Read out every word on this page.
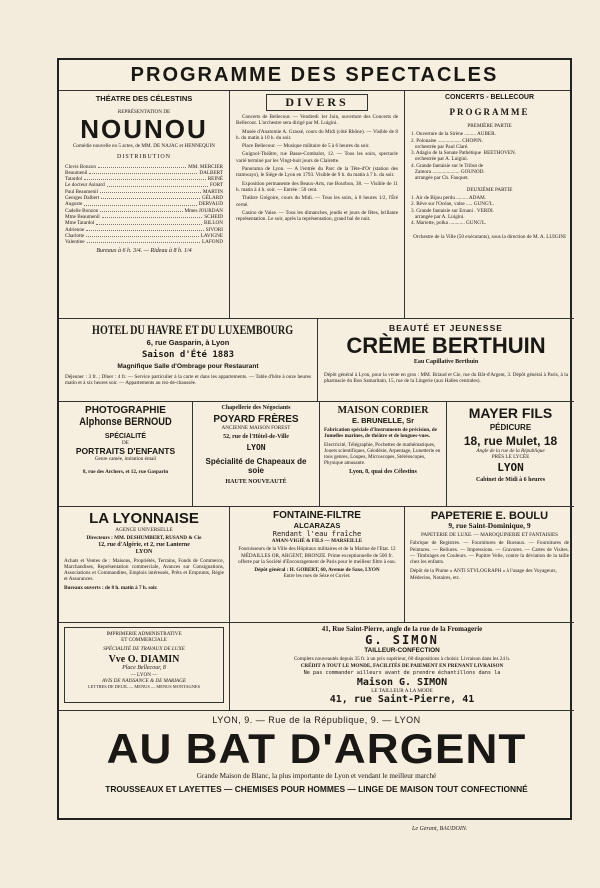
PROGRAMME DES SPECTACLES
THÉATRE DES CÉLESTINS
REPRÉSENTATION DE
NOUNOU
Comédie nouvelle en 5 actes, de MM. DE NAJAC et HENNEQUIN
DISTRIBUTION
Clovis Bonzon	MM. MERCIER
Beaumenil	DALBERT
Tatardol	REINÉ
Le docteur Asinard	FORT
Paul Beaumenil	MARTIN
Georges Dalbert	GÉLARD
Auguste	DERVAUD
Cadelle Bonzon	Mmes JOURDAN
Mme Beaumenil	SCHEID
Mme Tatardol	BILLON
Adrienne	SIVORI
Charlotte	LAVIGNE
Valentine	LAFOND
Bureaux à 6 h. 3/4. — Rideau à 8 h. 1/4
DIVERS

Concerts de Bellecour. — Vendredi 1er Juin, ouverture des Concerts de Bellecour. L'orchestre sera dirigé par M. Luigini.

Musée d'Anatomie A. Grassé, cours du Midi (côté Rhône). — Visible de 8 h. du matin à 10 h. du soir.

Place Bellecour. — Musique militaire de 5 à 6 heures du soir.

Guignol-Théâtre, rue Basse-Combalot, 12. — Tous les soirs, spectacle varié terminé par les Vingt-huit jours de Clairette.

Panorama de Lyon. — A l'entrée du Parc de la Tête-d'Or (station des tramways), le Siège de Lyon en 1793. Visible de 9 h. du matin à 7 h. du soir.

Exposition permanente des Beaux-Arts, rue Bourbon, 38. — Visible de 11 h. matin à 4 h. soir. — Entrée : 50 cent.

Théâtre Grégoire, cours du Midi. — Tous les soirs, à 8 heures 1/2, l'Été cerné.

Casino de Vaise. — Tous les dimanches, jeudis et jours de fêtes, brillante représentation. Le soir, après la représentation, grand bal de nuit.

CONCERTS - BELLECOUR
PROGRAMME
PREMIÈRE PARTIE
1. Ouverture de la Sirène ......... AUBER.
2. Polonaise .................. CHOPIN.
orchestrée par Paul Claré.
3. Adagio de la Sonate Pathétique  BEETHOVEN.
orchestrée par A. Luigini.
4. Grande fantaisie sur le Tribut de
Zamora ..................... GOUNOD.
arrangée par Ch. Fauquet.
DEUXIÈME PARTIE
1. Air de Bijou perdu ......... ADAM.
2. Rêve sur l'Océan, valse ..... GUNG'L.
3. Grande fantaisie sur Ernani . VERDI.
arrangée par A. Luigini.
4. Mariette, polka ............ GUNG'L.
Orchestre de la Ville (50 exécutants), sous la direction de M. A. LUIGINI
HOTEL DU HAVRE ET DU LUXEMBOURG
6, rue Gasparin, à Lyon
Saison d'Été 1883
Magnifique Salle d'Ombrage pour Restaurant
Déjeuner : 3 fr. ; Dîner : 4 fr. — Service particulier à la carte et dans les appartements. — Table d'hôte à onze heures matin et à six heures soir. — Appartements au rez-de-chaussée.
BEAUTÉ ET JEUNESSE
CRÈME BERTHUIN
Eau Capillative Berthuin
Dépôt général à Lyon, pour la vente en gros : MM. Briaud et Cie, rue du Bât-d'Argent, 3. Dépôt général à Paris, à la pharmacie du Bon Samaritain, 15, rue de la Lingerie (aux Halles centrales).
PHOTOGRAPHIE
Alphonse BERNOUD
SPÉCIALITÉ
DE
PORTRAITS D'ENFANTS
Genre camée, imitation émail
8, rue des Archers, et 12, rue Gasparin
Chapellerie des Négociants
POYARD FRÈRES
ANCIENNE MAISON FOREST
52, rue de l'Hôtel-de-Ville
LYON
Spécialité de Chapeaux de soie
HAUTE NOUVEAUTÉ
MAISON CORDIER
E. BRUNELLE, Sr
Fabrication spéciale d'Instruments de précision, de Jumelles marines, de théâtre et de longues-vues.
Electricité, Télégraphie, Pochettes de mathématiques, Jouets scientifiques, Géodésie, Arpentage, Lunetterie en tous genres, Loupes, Microscopes, Stéréoscopes, Physique amusante.
Lyon, 8, quai des Célestins
MAYER FILS
PÉDICURE
18, rue Mulet, 18
Angle de la rue de la République
PRÈS LE LYCÉE
LYON
Cabinet de Midi à 6 heures
LA LYONNAISE
AGENCE UNIVERSELLE
Directeurs : MM. DESHUMBERT, RUSAND & Cie
12, rue d'Algérie, et 2, rue Lanterne
LYON
Achats et Ventes de : Maisons, Propriétés, Terrains, Fonds de Commerce, Marchandises, Représentation commerciale, Avances sur Consignations, Associations et Commandites, Emplois intéressés, Prêts et Emprunts, Régie et Assurances.
Bureaux ouverts : de 8 h. matin à 7 h. soir.
FONTAINE-FILTRE
ALCARAZAS
Rendant l'eau fraîche
AMAN-VIGIÉ & FILS — MARSEILLE
Fournisseurs de la Ville des Hôpitaux militaires et de la Marine de l'Etat. 12 MÉDAILLES OR, ARGENT, BRONZE. Prime exceptionnelle de 500 fr. offerte par la Société d'Encouragement de Paris pour le meilleur filtre à eau.
Dépôt général : H. GOBERT, 60, Avenue de Saxe, LYON
Entre les rues de Sèze et Cuvier.
PAPETERIE E. BOULU
9, rue Saint-Dominique, 9
PAPETERIE DE LUXE. — MAROQUINERIE ET FANTAISIES
Fabrique de Registres. — Fournitures de Bureaux. — Fournitures de Peintures. — Reliures. — Impressions. — Gravures. — Cartes de Visites. — Timbrages en Couleurs. — Pupitre Velie, contre la déviation de la taille chez les enfants.
Dépôt de la Plume « ANTI STYLOGRAPH » à l'usage des Voyageurs, Médecins, Notaires, etc.
IMPRIMERIE ADMINISTRATIVE
ET COMMERCIALE
SPÉCIALITÉ DE TRAVAUX DE LUXE
Vve O. DIAMIN
Place Bellecour, 8
— LYON —
AVIS DE NAISSANCE & DE MARIAGE
LETTRES DE DEUIL — MENUS — MENUS MONTAGNES
41, Rue Saint-Pierre, angle de la rue de la Fromagerie
G. SIMON
TAILLEUR-CONFECTION
Complets nouveautés depuis 35 fr. à un prix supérieur, 60 dispositions à choisir. Livraison dans les 24 h.
CRÉDIT A TOUT LE MONDE, FACILITÉS DE PAIEMENT EN PRENANT LIVRAISON
Ne pas commander ailleurs avant de prendre échantillons dans la
Maison G. SIMON
LE TAILLEUR A LA MODE
41, rue Saint-Pierre, 41
LYON, 9. — Rue de la République, 9. — LYON
AU BAT D'ARGENT
Grande Maison de Blanc, la plus importante de Lyon et vendant le meilleur marché
TROUSSEAUX ET LAYETTES — CHEMISES POUR HOMMES — LINGE DE MAISON TOUT CONFECTIONNÉ
Le Gérant, BAUDOIN.
